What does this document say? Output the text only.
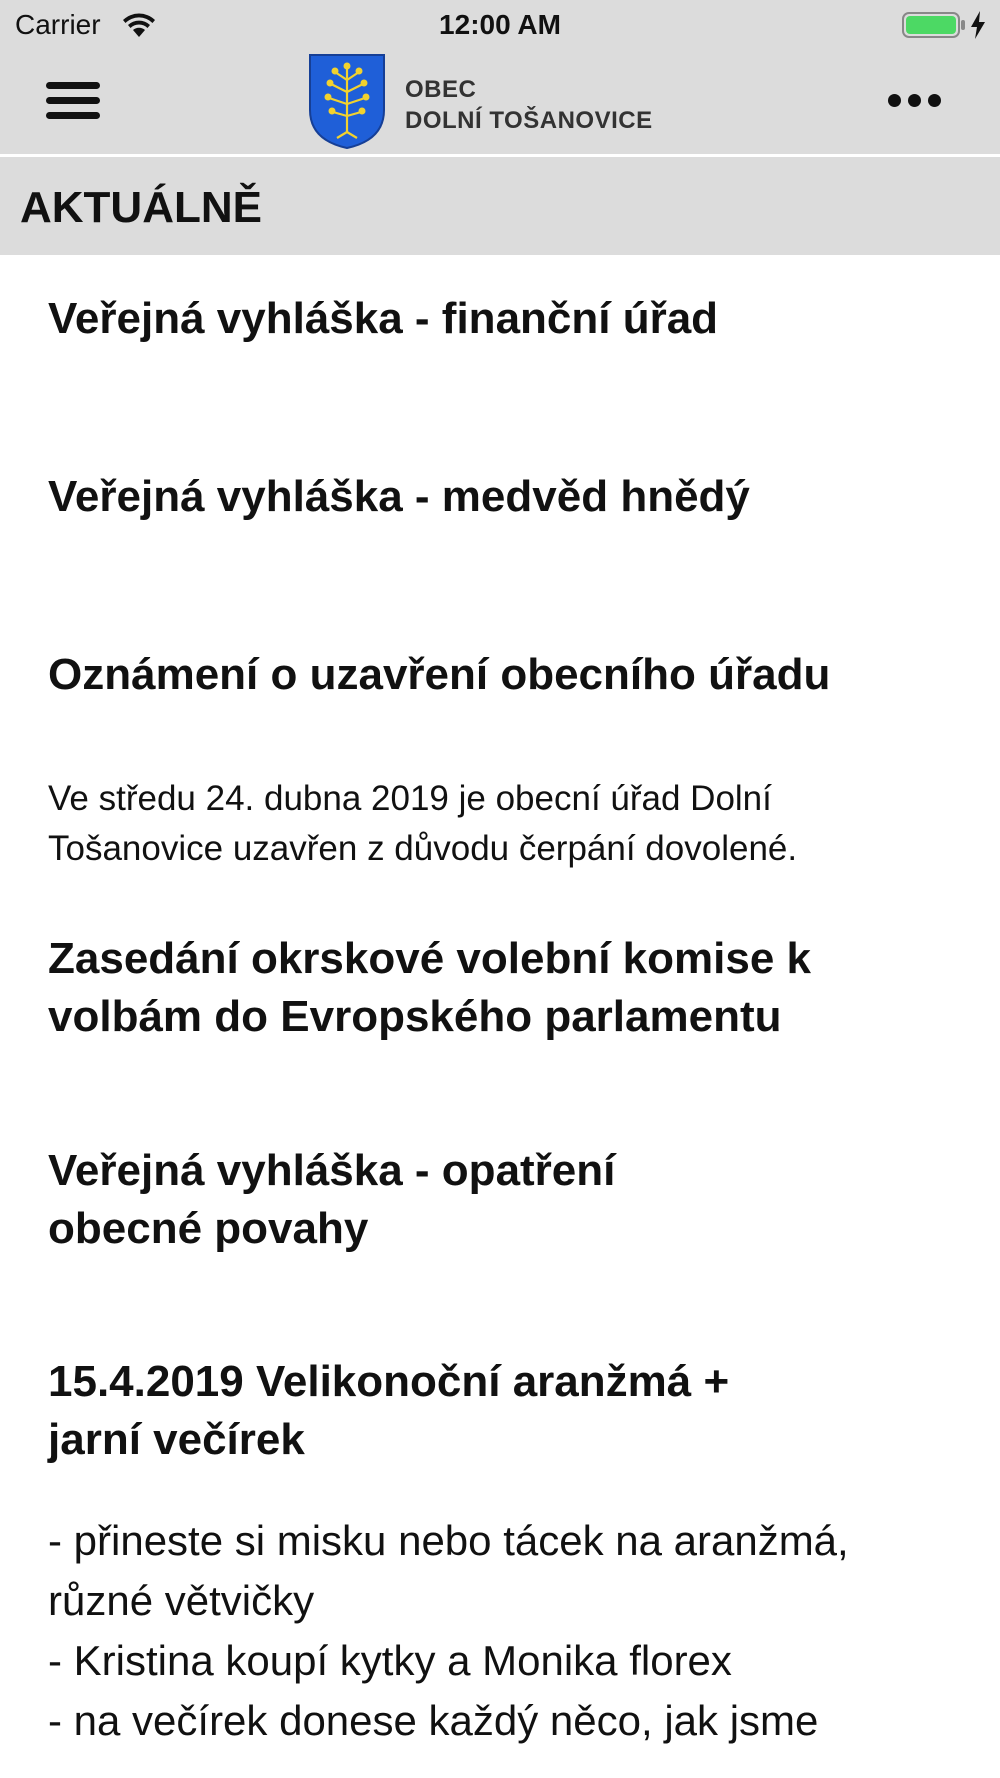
Carrier	12:00 AM
OBEC
DOLNÍ TOŠANOVICE
AKTUÁLNĚ
Veřejná vyhláška - finanční úřad
Veřejná vyhláška - medvěd hnědý
Oznámení o uzavření obecního úřadu
Ve středu 24. dubna 2019 je obecní úřad Dolní
Tošanovice uzavřen z důvodu čerpání dovolené.
Zasedání okrskové volební komise k
volbám do Evropského parlamentu
Veřejná vyhláška - opatření
obecné povahy
15.4.2019 Velikonoční aranžmá +
jarní večírek
- přineste si misku nebo tácek na aranžmá,
různé větvičky
- Kristina koupí kytky a Monika florex
- na večírek donese každý něco, jak jsme
